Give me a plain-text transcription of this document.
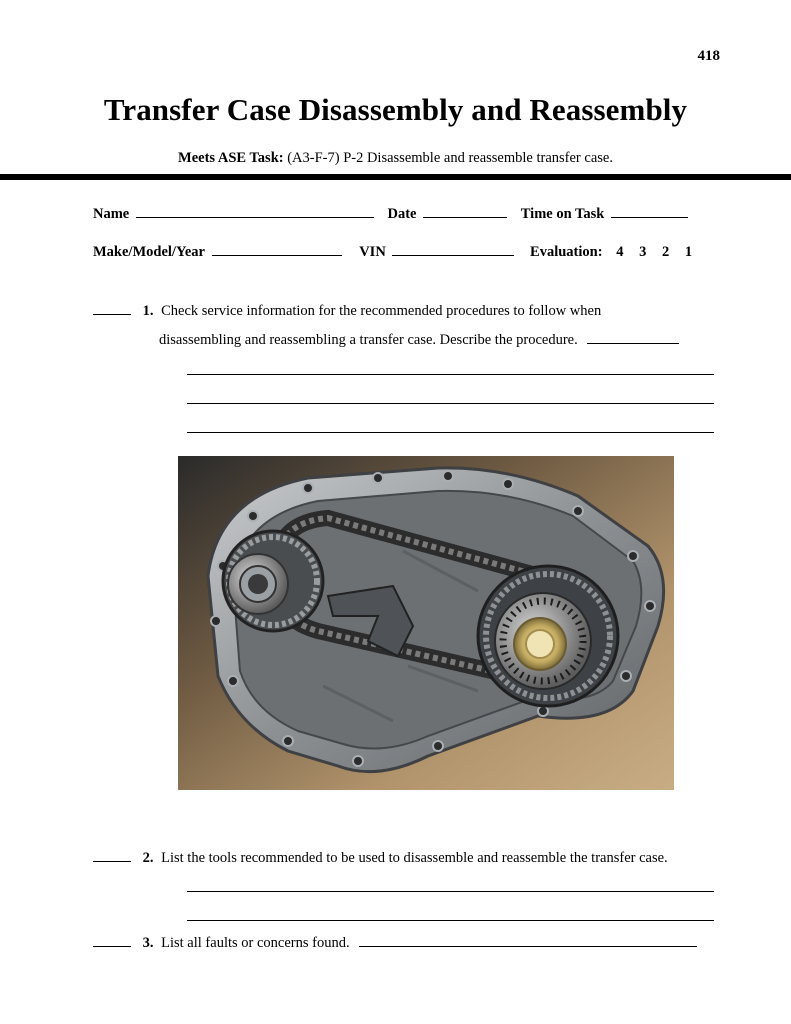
418
Transfer Case Disassembly and Reassembly
Meets ASE Task: (A3-F-7) P-2 Disassemble and reassemble transfer case.
Name	Date	Time on Task
Make/Model/Year	VIN	Evaluation: 4 3 2 1
1. Check service information for the recommended procedures to follow when
disassembling and reassembling a transfer case. Describe the procedure.
2. List the tools recommended to be used to disassemble and reassemble the transfer case.
3. List all faults or concerns found.
